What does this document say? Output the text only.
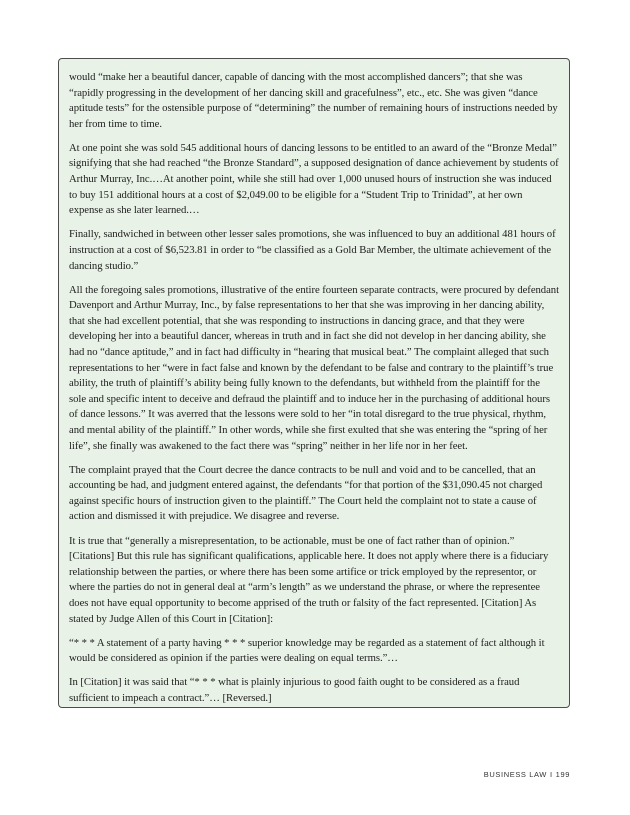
would “make her a beautiful dancer, capable of dancing with the most accomplished dancers”; that she was “rapidly progressing in the development of her dancing skill and gracefulness”, etc., etc. She was given “dance aptitude tests” for the ostensible purpose of “determining” the number of remaining hours of instructions needed by her from time to time.

At one point she was sold 545 additional hours of dancing lessons to be entitled to an award of the “Bronze Medal” signifying that she had reached “the Bronze Standard”, a supposed designation of dance achievement by students of Arthur Murray, Inc.…At another point, while she still had over 1,000 unused hours of instruction she was induced to buy 151 additional hours at a cost of $2,049.00 to be eligible for a “Student Trip to Trinidad”, at her own expense as she later learned.…

Finally, sandwiched in between other lesser sales promotions, she was influenced to buy an additional 481 hours of instruction at a cost of $6,523.81 in order to “be classified as a Gold Bar Member, the ultimate achievement of the dancing studio.”

All the foregoing sales promotions, illustrative of the entire fourteen separate contracts, were procured by defendant Davenport and Arthur Murray, Inc., by false representations to her that she was improving in her dancing ability, that she had excellent potential, that she was responding to instructions in dancing grace, and that they were developing her into a beautiful dancer, whereas in truth and in fact she did not develop in her dancing ability, she had no “dance aptitude,” and in fact had difficulty in “hearing that musical beat.” The complaint alleged that such representations to her “were in fact false and known by the defendant to be false and contrary to the plaintiff’s true ability, the truth of plaintiff’s ability being fully known to the defendants, but withheld from the plaintiff for the sole and specific intent to deceive and defraud the plaintiff and to induce her in the purchasing of additional hours of dance lessons.” It was averred that the lessons were sold to her “in total disregard to the true physical, rhythm, and mental ability of the plaintiff.” In other words, while she first exulted that she was entering the “spring of her life”, she finally was awakened to the fact there was “spring” neither in her life nor in her feet.

The complaint prayed that the Court decree the dance contracts to be null and void and to be cancelled, that an accounting be had, and judgment entered against, the defendants “for that portion of the $31,090.45 not charged against specific hours of instruction given to the plaintiff.” The Court held the complaint not to state a cause of action and dismissed it with prejudice. We disagree and reverse.

It is true that “generally a misrepresentation, to be actionable, must be one of fact rather than of opinion.” [Citations] But this rule has significant qualifications, applicable here. It does not apply where there is a fiduciary relationship between the parties, or where there has been some artifice or trick employed by the representor, or where the parties do not in general deal at “arm’s length” as we understand the phrase, or where the representee does not have equal opportunity to become apprised of the truth or falsity of the fact represented. [Citation] As stated by Judge Allen of this Court in [Citation]:

“* * * A statement of a party having * * * superior knowledge may be regarded as a statement of fact although it would be considered as opinion if the parties were dealing on equal terms.”…

In [Citation] it was said that “* * * what is plainly injurious to good faith ought to be considered as a fraud sufficient to impeach a contract.”… [Reversed.]

BUSINESS LAW I 199
